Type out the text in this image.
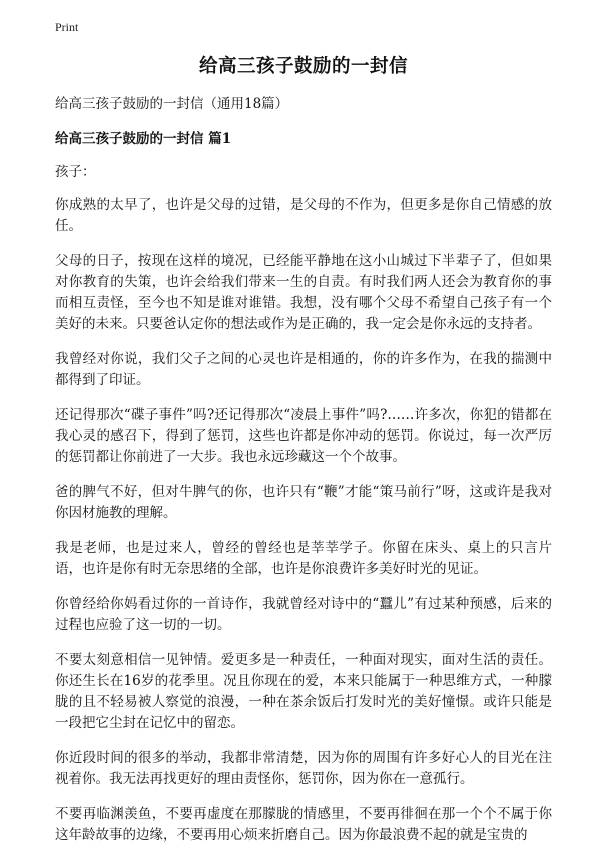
Print
给高三孩子鼓励的一封信
给高三孩子鼓励的一封信（通用18篇）
给高三孩子鼓励的一封信 篇1
孩子：

你成熟的太早了，也许是父母的过错，是父母的不作为，但更多是你自己情感的放任。

父母的日子，按现在这样的境况，已经能平静地在这小山城过下半辈子了，但如果对你教育的失策，也许会给我们带来一生的自责。有时我们两人还会为教育你的事而相互责怪，至今也不知是谁对谁错。我想，没有哪个父母不希望自己孩子有一个美好的未来。只要爸认定你的想法或作为是正确的，我一定会是你永远的支持者。

我曾经对你说，我们父子之间的心灵也许是相通的，你的许多作为，在我的揣测中都得到了印证。

还记得那次“碟子事件”吗?还记得那次“凌晨上事件”吗?……许多次，你犯的错都在我心灵的感召下，得到了惩罚，这些也许都是你冲动的惩罚。你说过，每一次严厉的惩罚都让你前进了一大步。我也永远珍藏这一个个故事。

爸的脾气不好，但对牛脾气的你，也许只有“鞭”才能“策马前行”呀，这或许是我对你因材施教的理解。

我是老师，也是过来人，曾经的曾经也是莘莘学子。你留在床头、桌上的只言片语，也许是你有时无奈思绪的全部，也许是你浪费许多美好时光的见证。

你曾经给你妈看过你的一首诗作，我就曾经对诗中的“蠶儿”有过某种预感，后来的过程也应验了这一切的一切。

不要太刻意相信一见钟情。爱更多是一种责任，一种面对现实，面对生活的责任。你还生长在16岁的花季里。况且你现在的爱，本来只能属于一种思维方式，一种朦胧的且不轻易被人察觉的浪漫，一种在茶余饭后打发时光的美好憧憬。或许只能是一段把它尘封在记忆中的留恋。

你近段时间的很多的举动，我都非常清楚，因为你的周围有许多好心人的目光在注视着你。我无法再找更好的理由责怪你，惩罚你，因为你在一意孤行。

不要再临渊羡鱼，不要再虚度在那朦胧的情感里，不要再徘徊在那一个个不属于你这年龄故事的边缘，不要再用心烦来折磨自己。因为你最浪费不起的就是宝贵的
